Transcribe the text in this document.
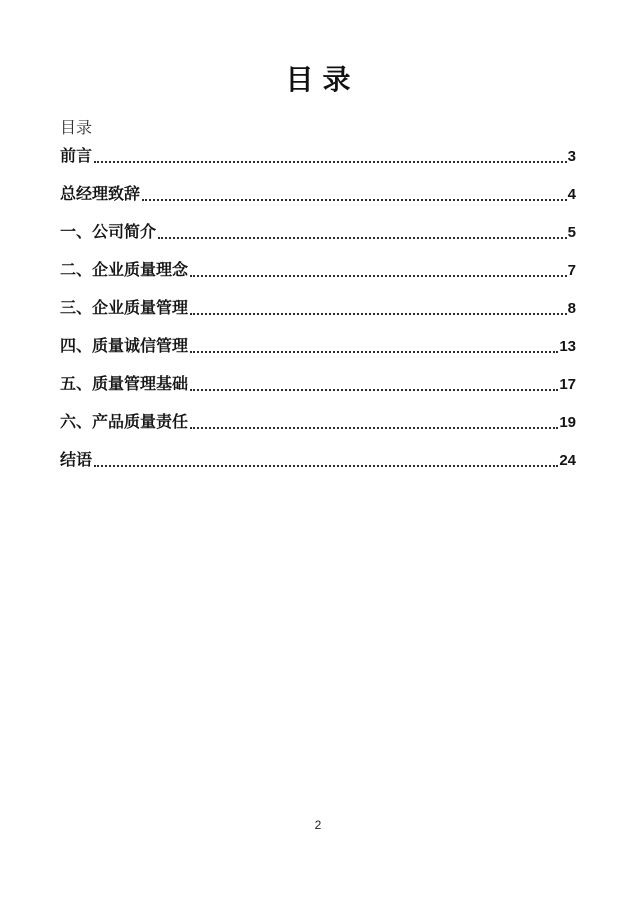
目录
目录
前言	3
总经理致辞	4
一、公司简介	5
二、企业质量理念	7
三、企业质量管理	8
四、质量诚信管理	13
五、质量管理基础	17
六、产品质量责任	19
结语	24
2
